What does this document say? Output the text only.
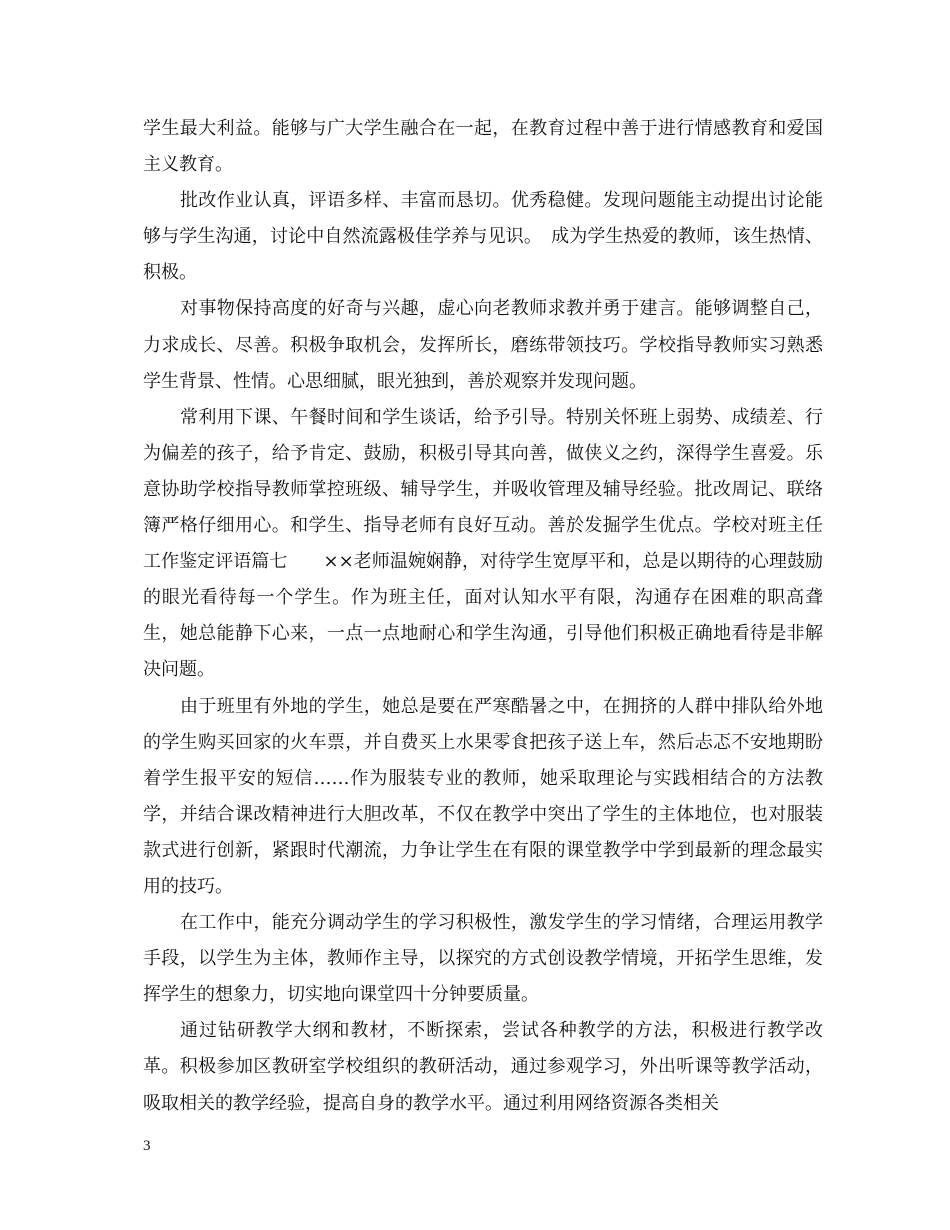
学生最大利益。能够与广大学生融合在一起，在教育过程中善于进行情感教育和爱国主义教育。

批改作业认真，评语多样、丰富而恳切。优秀稳健。发现问题能主动提出讨论能够与学生沟通，讨论中自然流露极佳学养与见识。　成为学生热爱的教师，该生热情、积极。

对事物保持高度的好奇与兴趣，虚心向老教师求教并勇于建言。能够调整自己，力求成长、尽善。积极争取机会，发挥所长，磨练带领技巧。学校指导教师实习熟悉学生背景、性情。心思细腻，眼光独到，善於观察并发现问题。

常利用下课、午餐时间和学生谈话，给予引导。特别关怀班上弱势、成绩差、行为偏差的孩子，给予肯定、鼓励，积极引导其向善，做侠义之约，深得学生喜爱。乐意协助学校指导教师掌控班级、辅导学生，并吸收管理及辅导经验。批改周记、联络簿严格仔细用心。和学生、指导老师有良好互动。善於发掘学生优点。学校对班主任工作鉴定评语篇七　　××老师温婉娴静，对待学生宽厚平和，总是以期待的心理鼓励的眼光看待每一个学生。作为班主任，面对认知水平有限，沟通存在困难的职高聋生，她总能静下心来，一点一点地耐心和学生沟通，引导他们积极正确地看待是非解决问题。

由于班里有外地的学生，她总是要在严寒酷暑之中，在拥挤的人群中排队给外地的学生购买回家的火车票，并自费买上水果零食把孩子送上车，然后忐忑不安地期盼着学生报平安的短信……作为服装专业的教师，她采取理论与实践相结合的方法教学，并结合课改精神进行大胆改革，不仅在教学中突出了学生的主体地位，也对服装款式进行创新，紧跟时代潮流，力争让学生在有限的课堂教学中学到最新的理念最实用的技巧。

在工作中，能充分调动学生的学习积极性，激发学生的学习情绪，合理运用教学手段，以学生为主体，教师作主导，以探究的方式创设教学情境，开拓学生思维，发挥学生的想象力，切实地向课堂四十分钟要质量。

通过钻研教学大纲和教材，不断探索，尝试各种教学的方法，积极进行教学改革。积极参加区教研室学校组织的教研活动，通过参观学习，外出听课等教学活动，吸取相关的教学经验，提高自身的教学水平。通过利用网络资源各类相关

3
